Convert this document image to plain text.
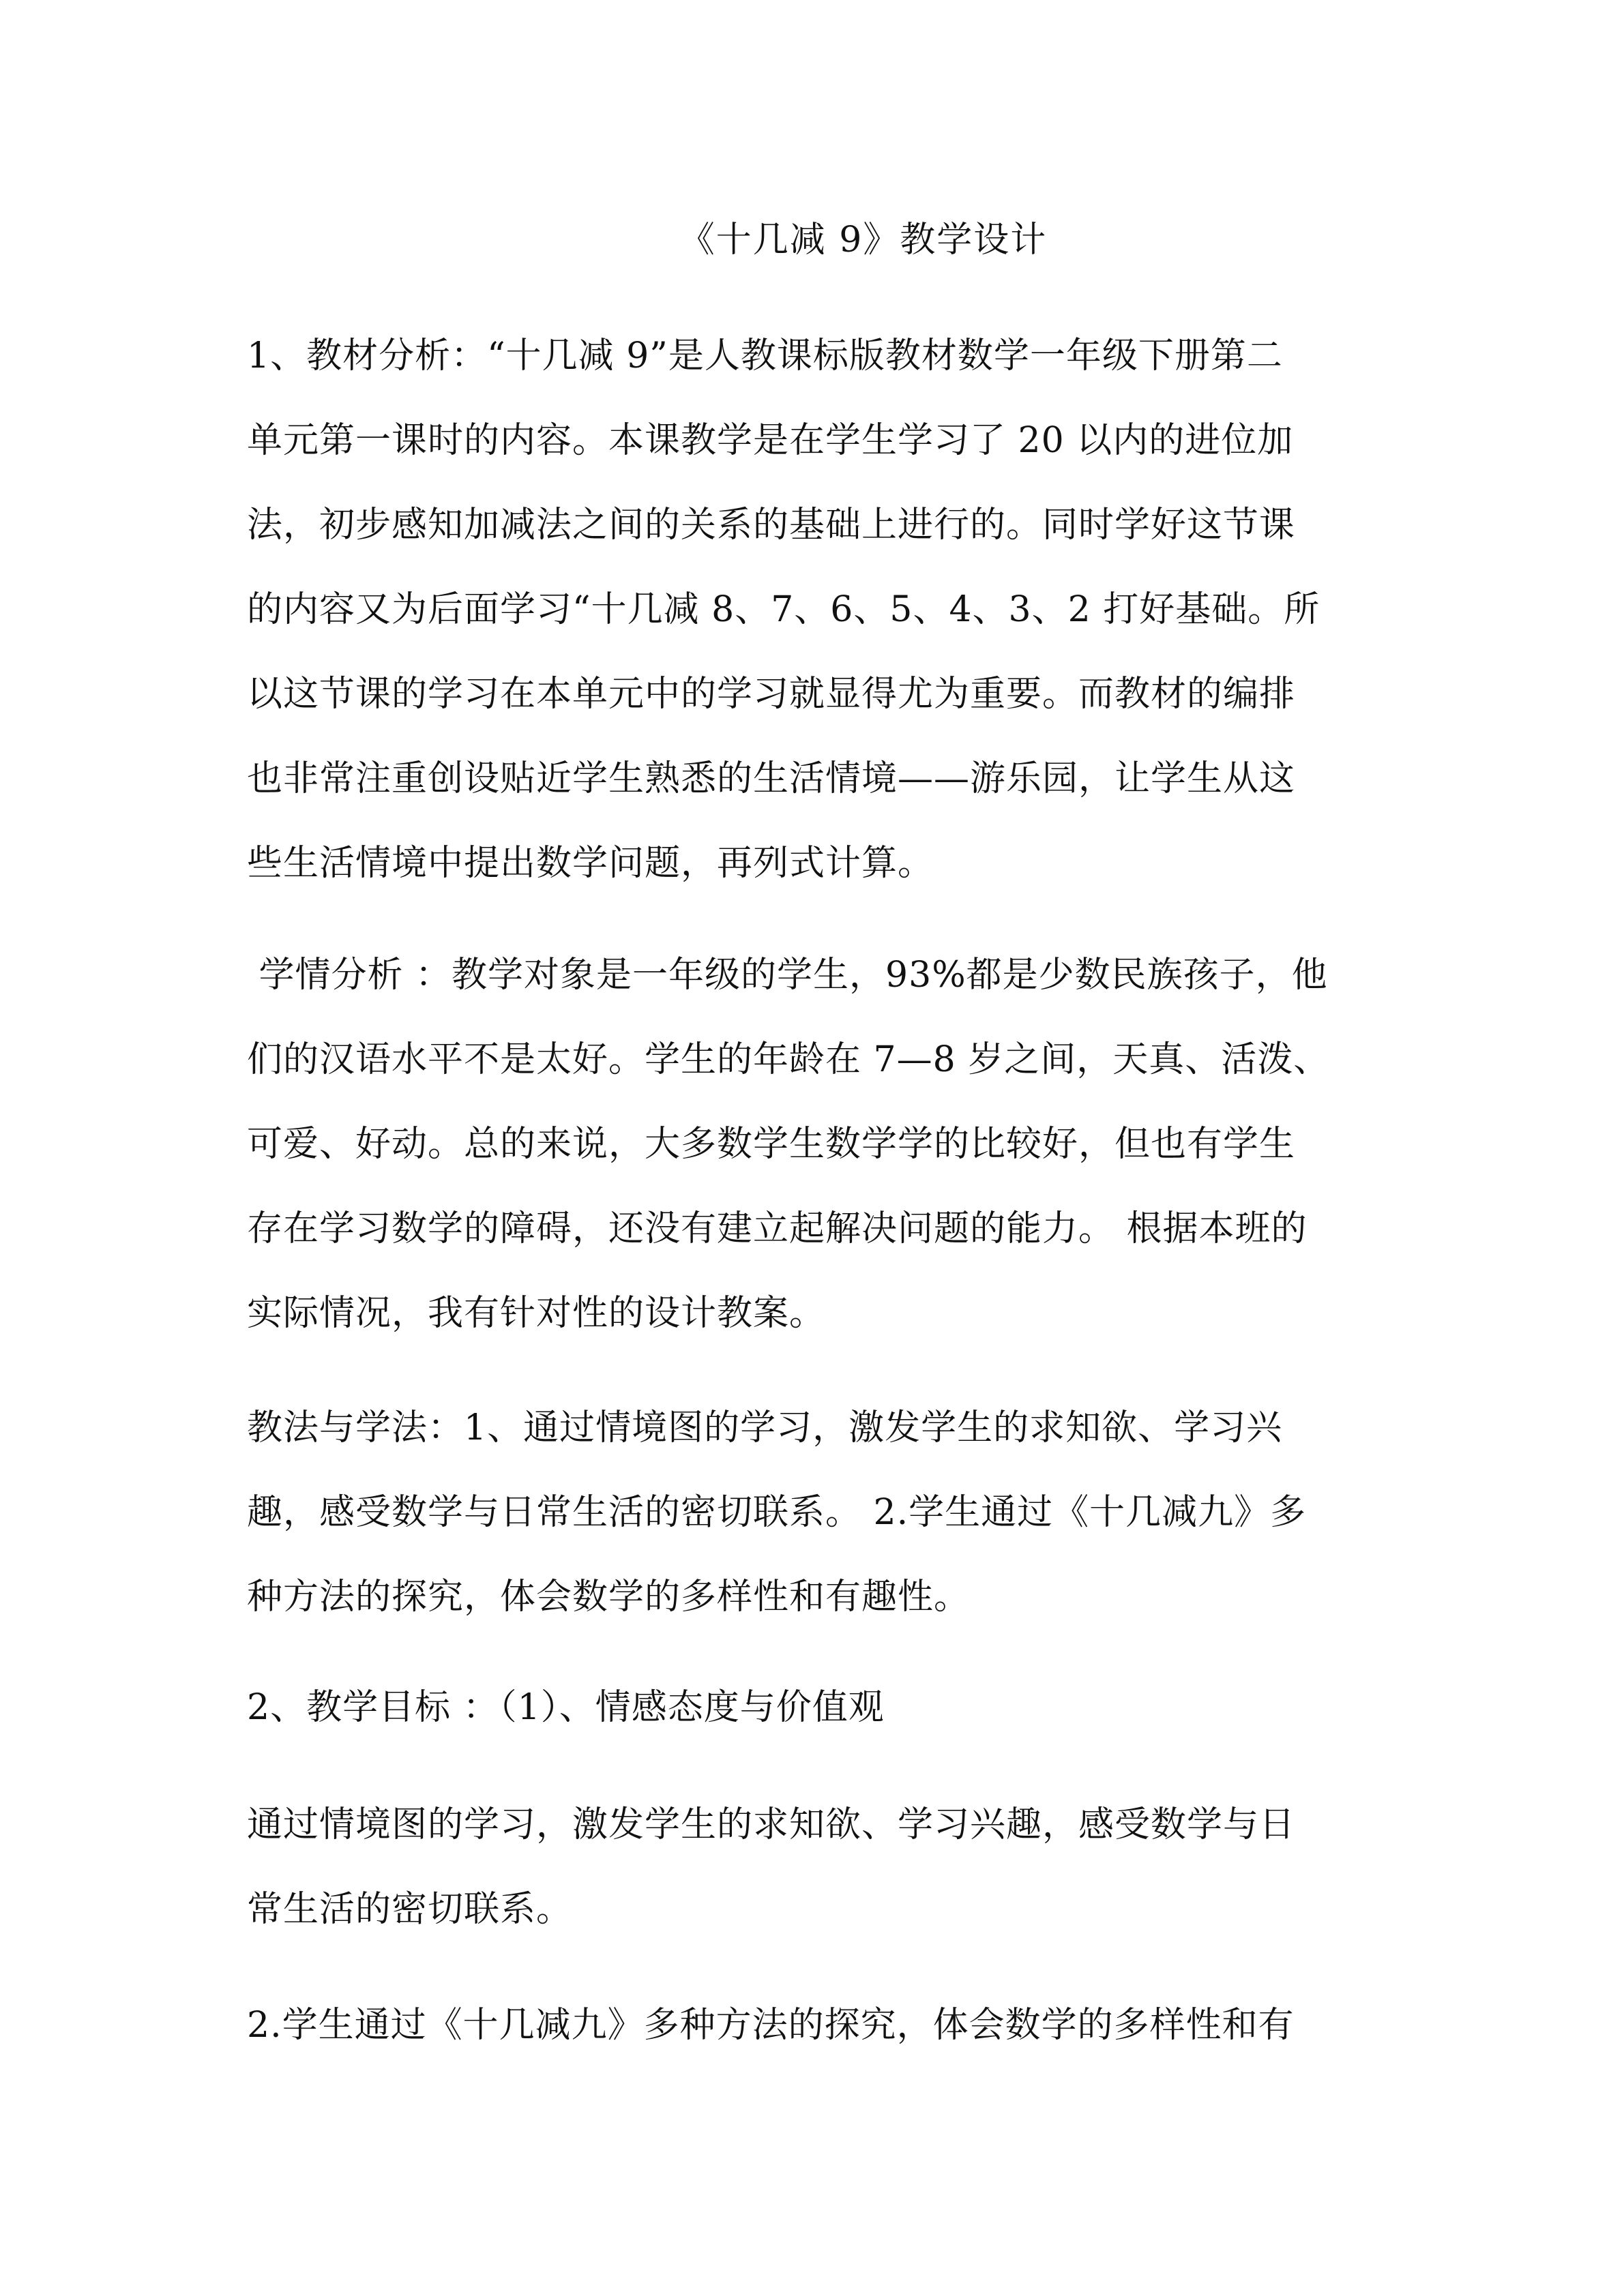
《十几减 9》教学设计
1、教材分析：“十几减 9”是人教课标版教材数学一年级下册第二
单元第一课时的内容。本课教学是在学生学习了 20 以内的进位加
法，初步感知加减法之间的关系的基础上进行的。同时学好这节课
的内容又为后面学习“十几减 8、7、6、5、4、3、2 打好基础。所
以这节课的学习在本单元中的学习就显得尤为重要。而教材的编排
也非常注重创设贴近学生熟悉的生活情境——游乐园，让学生从这
些生活情境中提出数学问题，再列式计算。
学情分析 ：教学对象是一年级的学生，93%都是少数民族孩子，他
们的汉语水平不是太好。学生的年龄在 7—8 岁之间，天真、活泼、
可爱、好动。总的来说，大多数学生数学学的比较好，但也有学生
存在学习数学的障碍，还没有建立起解决问题的能力。 根据本班的
实际情况，我有针对性的设计教案。
教法与学法：1、通过情境图的学习，激发学生的求知欲、学习兴
趣，感受数学与日常生活的密切联系。 2.学生通过《十几减九》多
种方法的探究，体会数学的多样性和有趣性。
2、教学目标 ：（1）、情感态度与价值观
通过情境图的学习，激发学生的求知欲、学习兴趣，感受数学与日
常生活的密切联系。
2.学生通过《十几减九》多种方法的探究，体会数学的多样性和有
